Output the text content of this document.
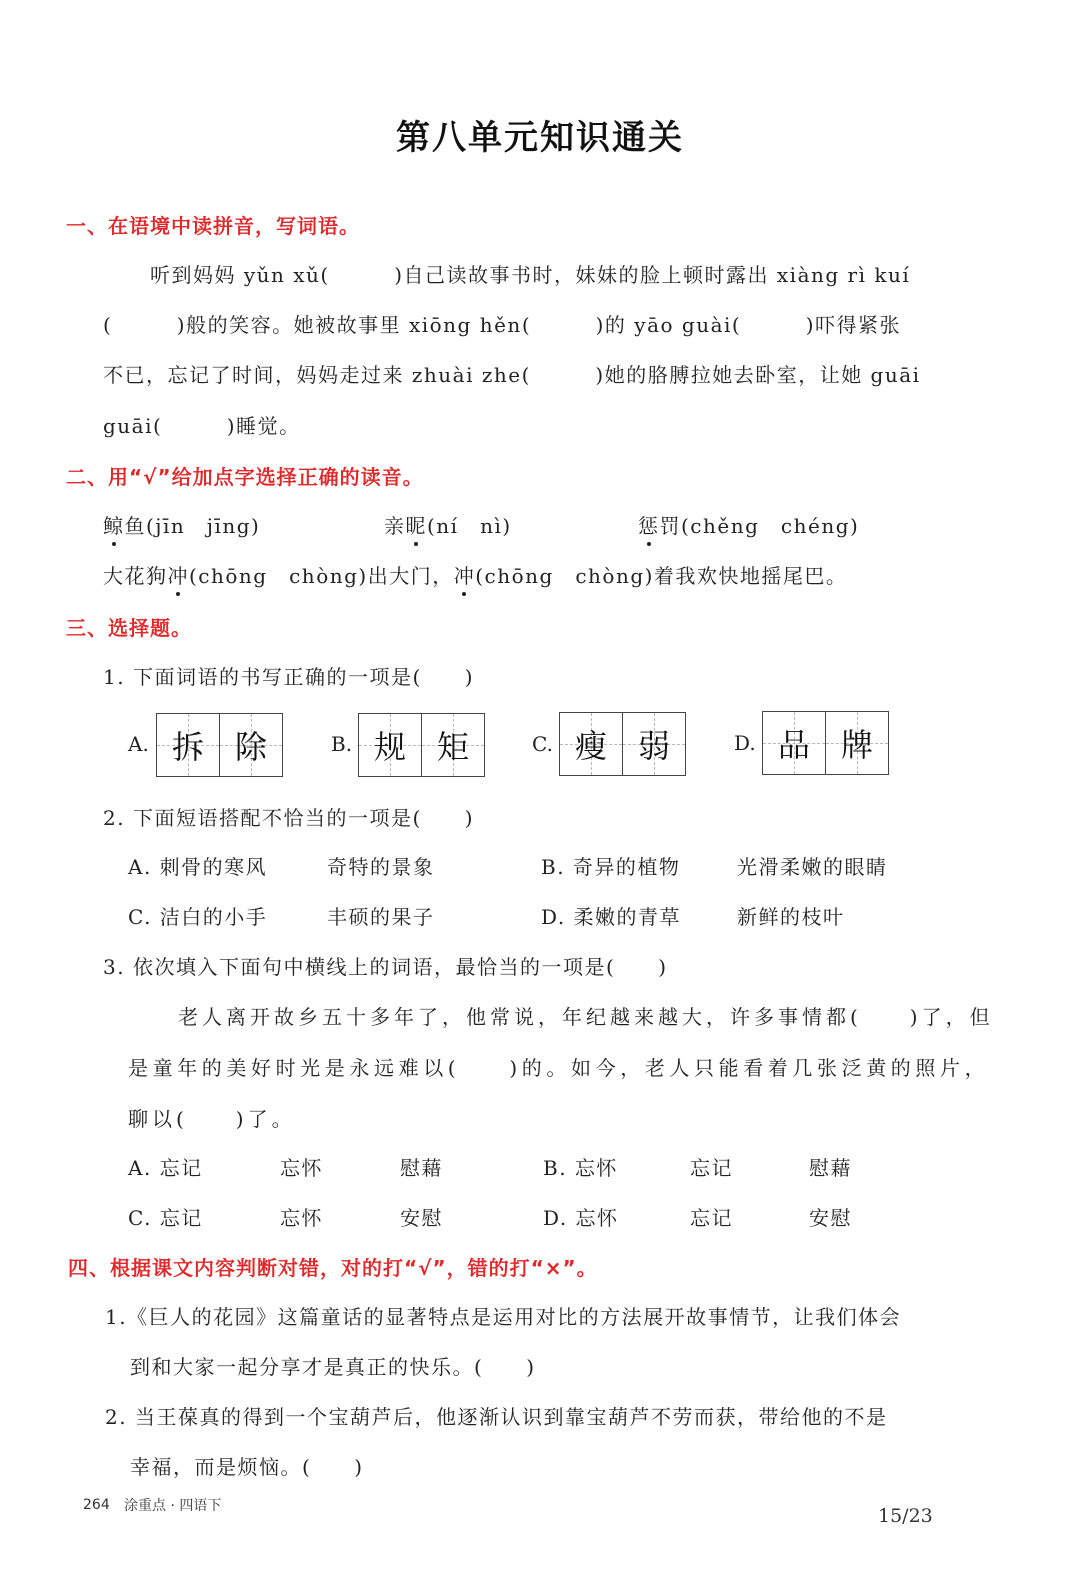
第八单元知识通关
一、在语境中读拼音，写词语。
听到妈妈 yǔn xǔ(　　　)自己读故事书时，妹妹的脸上顿时露出 xiàng rì kuí
(　　　)般的笑容。她被故事里 xiōng hěn(　　　)的 yāo guài(　　　)吓得紧张
不已，忘记了时间，妈妈走过来 zhuài zhe(　　　)她的胳膊拉她去卧室，让她 guāi
guāi(　　　)睡觉。
二、用“√”给加点字选择正确的读音。
鲸鱼(jīn　jīng)	亲昵(ní　nì)	惩罚(chěng　chéng)
大花狗冲(chōng　chòng)出大门，冲(chōng　chòng)着我欢快地摇尾巴。
三、选择题。
1. 下面词语的书写正确的一项是(　　)
A. 拆 除	B. 规 矩	C. 瘦 弱	D. 品 牌
2. 下面短语搭配不恰当的一项是(　　)
A. 刺骨的寒风	奇特的景象	B. 奇异的植物	光滑柔嫩的眼睛
C. 洁白的小手	丰硕的果子	D. 柔嫩的青草	新鲜的枝叶
3. 依次填入下面句中横线上的词语，最恰当的一项是(　　)
老人离开故乡五十多年了，他常说，年纪越来越大，许多事情都(　　)了，但
是童年的美好时光是永远难以(　　)的。如今，老人只能看着几张泛黄的照片，
聊以(　　)了。
A. 忘记	忘怀	慰藉	B. 忘怀	忘记	慰藉
C. 忘记	忘怀	安慰	D. 忘怀	忘记	安慰
四、根据课文内容判断对错，对的打“√”，错的打“×”。
1.《巨人的花园》这篇童话的显著特点是运用对比的方法展开故事情节，让我们体会
到和大家一起分享才是真正的快乐。(　　)
2. 当王葆真的得到一个宝葫芦后，他逐渐认识到靠宝葫芦不劳而获，带给他的不是
幸福，而是烦恼。(　　)
264 涂重点 · 四语下	15/23
